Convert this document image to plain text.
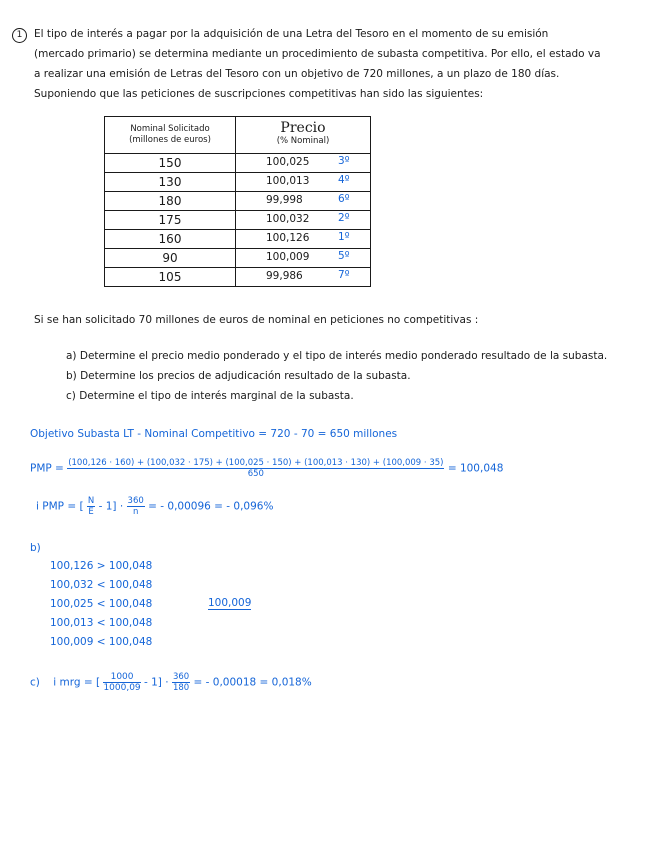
1	El tipo de interés a pagar por la adquisición de una Letra del Tesoro en el momento de su emisión
(mercado primario) se determina mediante un procedimiento de subasta competitiva. Por ello, el estado va
a realizar una emisión de Letras del Tesoro con un objetivo de 720 millones, a un plazo de 180 días.
Suponiendo que las peticiones de suscripciones competitivas han sido las siguientes:
Nominal Solicitado
(millones de euros)	Precio
(% Nominal)
150	100,025 3º

130	100,013 4º

180	99,998 6º

175	100,032 2º

160	100,126 1º

90	100,009 5º

105	99,986 7º
Si se han solicitado 70 millones de euros de nominal en peticiones no competitivas :
a) Determine el precio medio ponderado y el tipo de interés medio ponderado resultado de la subasta.
b) Determine los precios de adjudicación resultado de la subasta.
c) Determine el tipo de interés marginal de la subasta.
Objetivo Subasta LT - Nominal Competitivo = 720 - 70 = 650 millones
PMP = (100,126 · 160) + (100,032 · 175) + (100,025 · 150) + (100,013 · 130) + (100,009 · 35)
650	= 100,048
i PMP = [ $\frac{N}{E} - 1] \cdot \frac{360}{n}$ = - 0,00096 = - 0,096%
b)
100,126 > 100,048
100,032 < 100,048
100,025 < 100,048
100,013 < 100,048
100,009 < 100,048
100,009
c) i mrg = [ $\frac{1000}{1000,09} - 1] \cdot \frac{360}{180}$ = - 0,00018 = 0,018%
